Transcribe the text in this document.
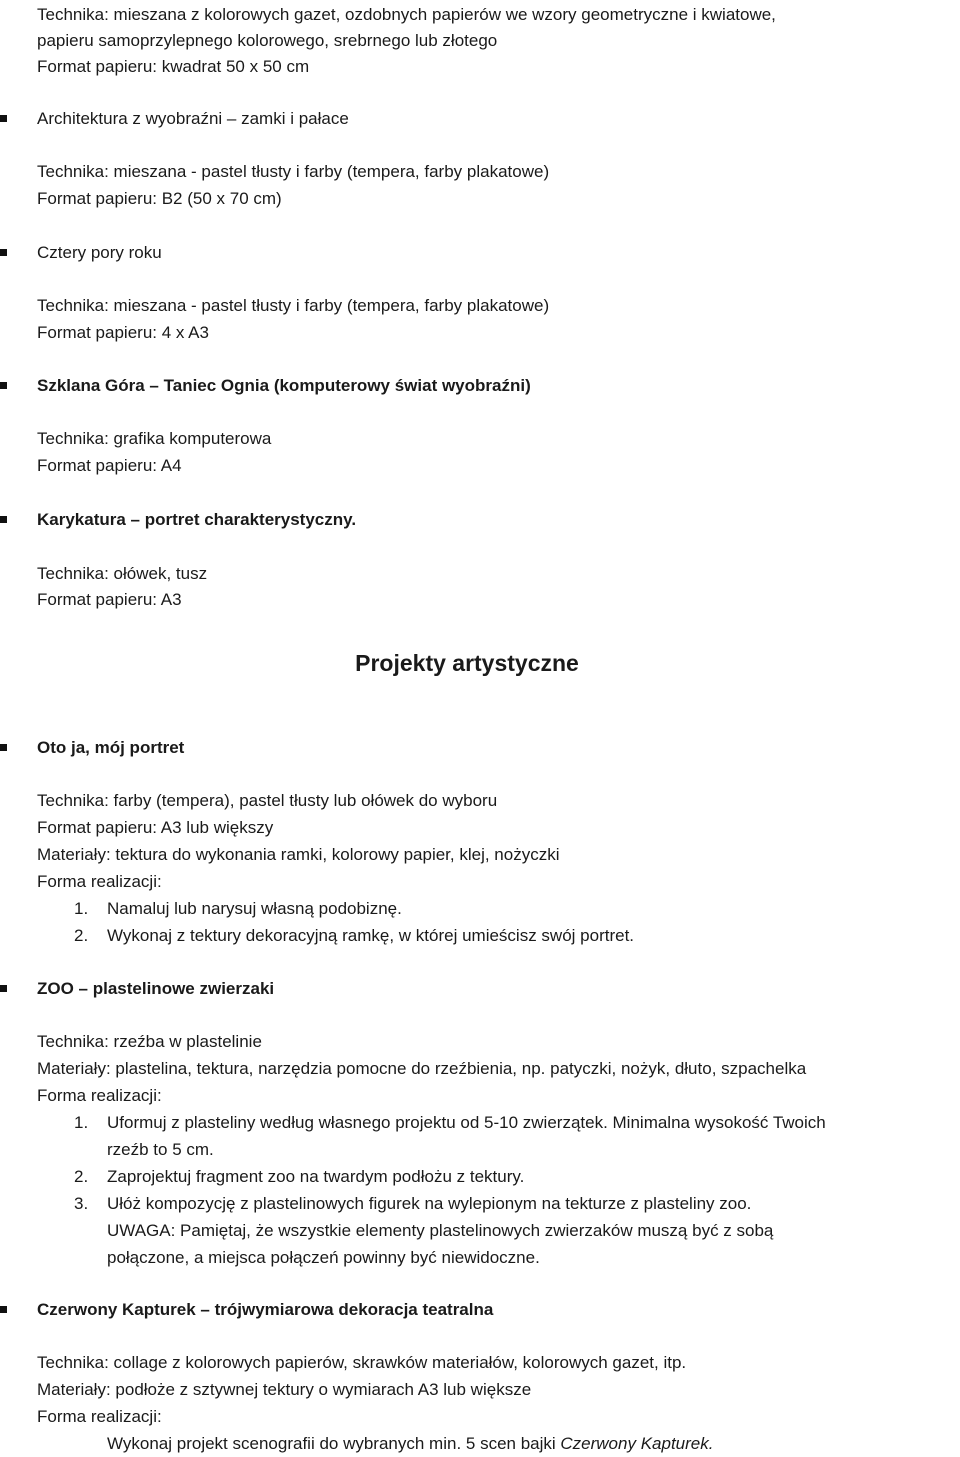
Technika: mieszana z kolorowych gazet, ozdobnych papierów we wzory geometryczne i kwiatowe,
papieru samoprzylepnego kolorowego, srebrnego lub złotego
Format papieru: kwadrat 50 x 50 cm
Architektura z wyobraźni – zamki i pałace
Technika: mieszana - pastel tłusty i farby (tempera, farby plakatowe)
Format papieru: B2 (50 x 70 cm)
Cztery pory roku
Technika: mieszana - pastel tłusty i farby (tempera, farby plakatowe)
Format papieru: 4 x A3
Szklana Góra – Taniec Ognia (komputerowy świat wyobraźni)
Technika: grafika komputerowa
Format papieru: A4
Karykatura – portret charakterystyczny.
Technika: ołówek, tusz
Format papieru: A3
Projekty artystyczne
Oto ja, mój portret
Technika: farby (tempera), pastel tłusty lub ołówek do wyboru
Format papieru: A3 lub większy
Materiały: tektura do wykonania ramki, kolorowy papier, klej, nożyczki
Forma realizacji:
1.	Namaluj lub narysuj własną podobiznę.
2.	Wykonaj z tektury dekoracyjną ramkę, w której umieścisz swój portret.
ZOO – plastelinowe zwierzaki
Technika: rzeźba w plastelinie
Materiały: plastelina, tektura, narzędzia pomocne do rzeźbienia, np. patyczki, nożyk, dłuto, szpachelka
Forma realizacji:
1.	Uformuj z plasteliny według własnego projektu od 5-10 zwierzątek. Minimalna wysokość Twoich
rzeźb to 5 cm.
2.	Zaprojektuj fragment zoo na twardym podłożu z tektury.
3.	Ułóż kompozycję z plastelinowych figurek na wylepionym na tekturze z plasteliny zoo.
UWAGA: Pamiętaj, że wszystkie elementy plastelinowych zwierzaków muszą być z sobą
połączone, a miejsca połączeń powinny być niewidoczne.
Czerwony Kapturek – trójwymiarowa dekoracja teatralna
Technika: collage z kolorowych papierów, skrawków materiałów, kolorowych gazet, itp.
Materiały: podłoże z sztywnej tektury o wymiarach A3 lub większe
Forma realizacji:
Wykonaj projekt scenografii do wybranych min. 5 scen bajki Czerwony Kapturek.
